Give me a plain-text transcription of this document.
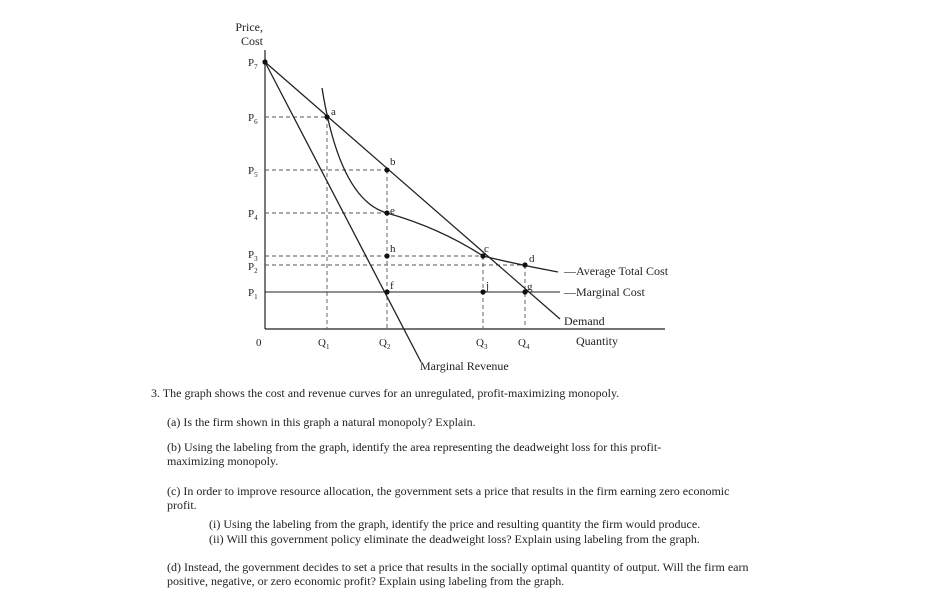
Price,
Cost
$P_7$
$P_6$
$P_5$
$P_4$
$P_3$
$P_2$
$P_1$
0	$Q_1$	$Q_2$	$Q_3$	$Q_4$	Quantity
a
b
c
d
e
f	g
h
j
—Average Total Cost
—Marginal Cost
Demand
Marginal Revenue

3. The graph shows the cost and revenue curves for an unregulated, profit-maximizing monopoly.

(a) Is the firm shown in this graph a natural monopoly? Explain.

(b) Using the labeling from the graph, identify the area representing the deadweight loss for this profit-maximizing monopoly.

(c) In order to improve resource allocation, the government sets a price that results in the firm earning zero economic profit.

(i) Using the labeling from the graph, identify the price and resulting quantity the firm would produce.

(ii) Will this government policy eliminate the deadweight loss? Explain using labeling from the graph.

(d) Instead, the government decides to set a price that results in the socially optimal quantity of output. Will the firm earn positive, negative, or zero economic profit? Explain using labeling from the graph.
